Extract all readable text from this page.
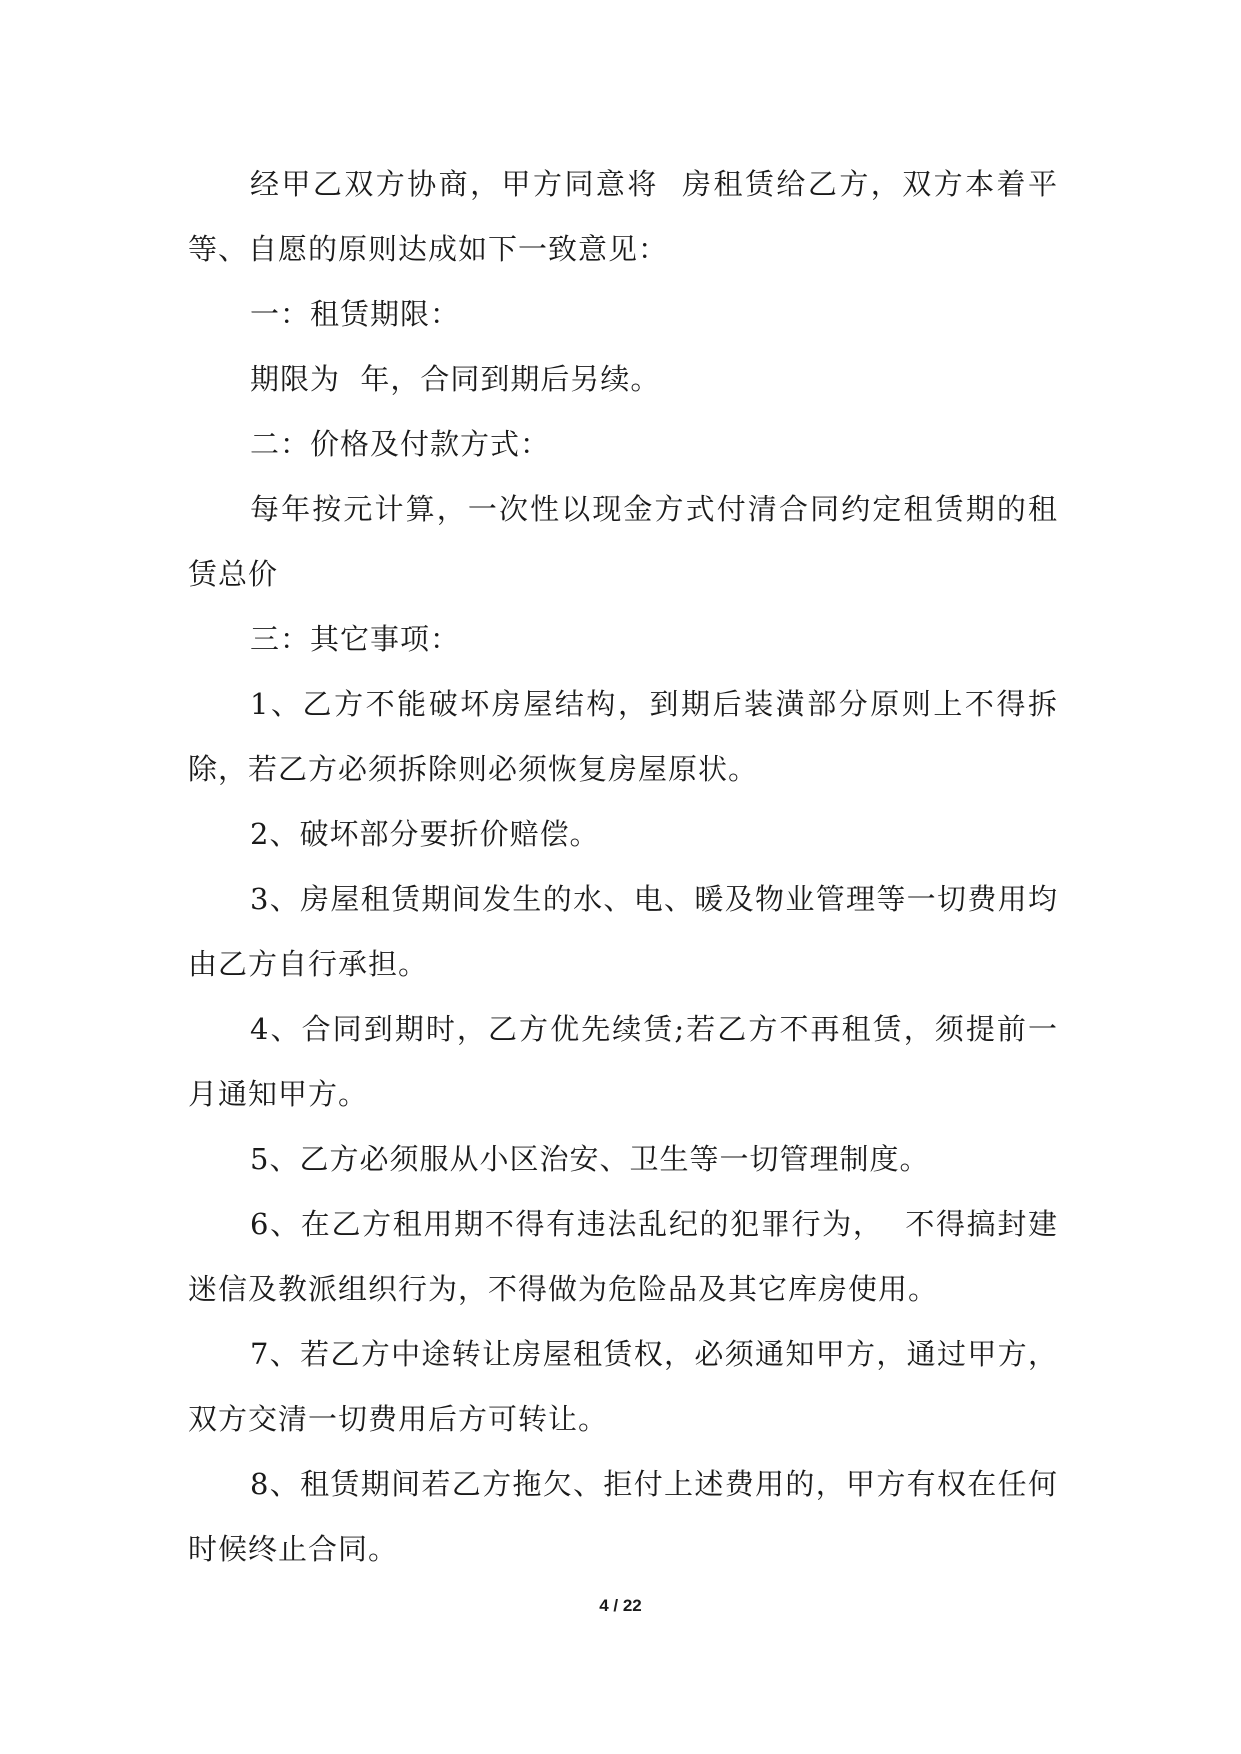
经甲乙双方协商，甲方同意将  房租赁给乙方，双方本着平等、自愿的原则达成如下一致意见：

一：租赁期限：

期限为  年，合同到期后另续。

二：价格及付款方式：

每年按元计算，一次性以现金方式付清合同约定租赁期的租赁总价

三：其它事项：

1、乙方不能破坏房屋结构，到期后装潢部分原则上不得拆除，若乙方必须拆除则必须恢复房屋原状。

2、破坏部分要折价赔偿。

3、房屋租赁期间发生的水、电、暖及物业管理等一切费用均由乙方自行承担。

4、合同到期时，乙方优先续赁;若乙方不再租赁，须提前一月通知甲方。

5、乙方必须服从小区治安、卫生等一切管理制度。

6、在乙方租用期不得有违法乱纪的犯罪行为，  不得搞封建迷信及教派组织行为，不得做为危险品及其它库房使用。

7、若乙方中途转让房屋租赁权，必须通知甲方，通过甲方，双方交清一切费用后方可转让。

8、租赁期间若乙方拖欠、拒付上述费用的，甲方有权在任何时候终止合同。

4 / 22
